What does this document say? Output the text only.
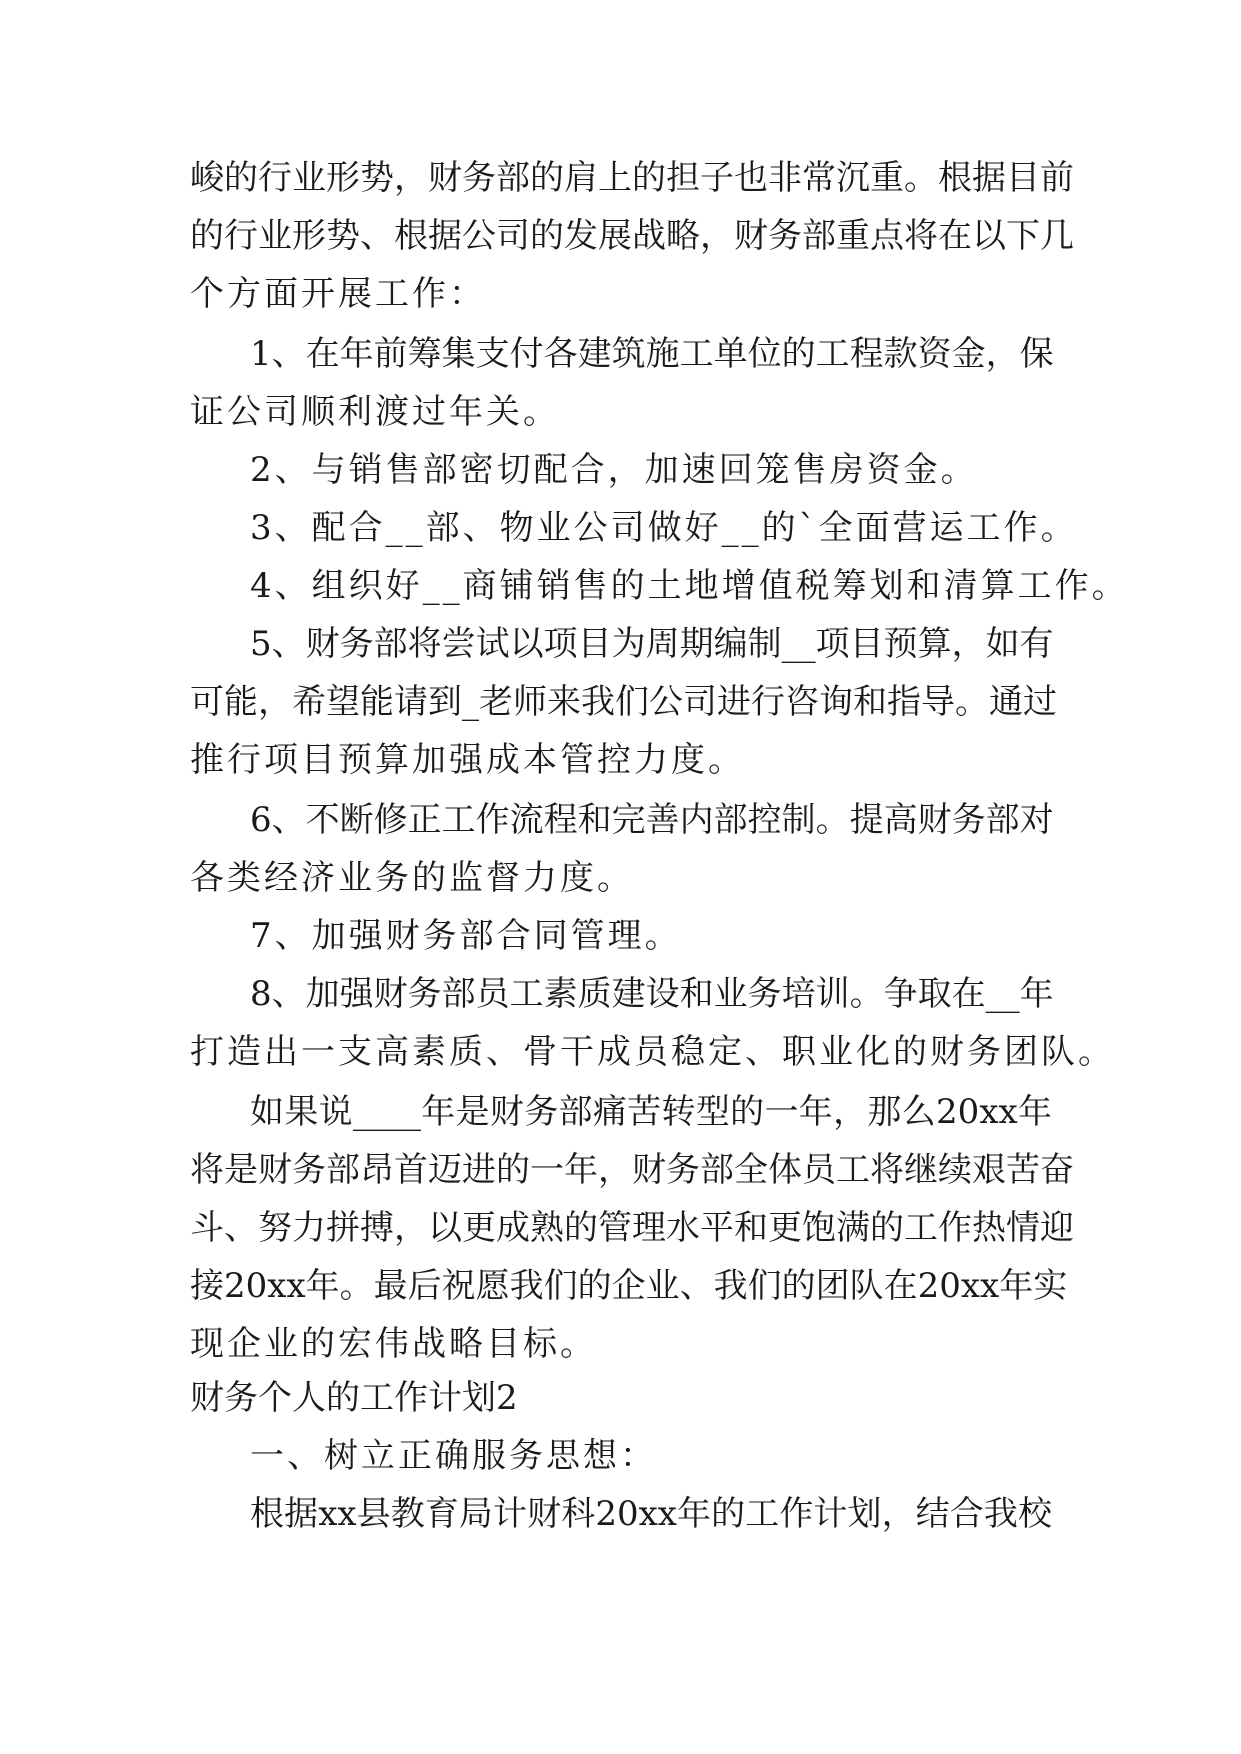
峻的行业形势，财务部的肩上的担子也非常沉重。根据目前
的行业形势、根据公司的发展战略，财务部重点将在以下几
个方面开展工作：
1、在年前筹集支付各建筑施工单位的工程款资金，保
证公司顺利渡过年关。
2、与销售部密切配合，加速回笼售房资金。
3、配合__部、物业公司做好__的`全面营运工作。
4、组织好__商铺销售的土地增值税筹划和清算工作。
5、财务部将尝试以项目为周期编制__项目预算，如有
可能，希望能请到_老师来我们公司进行咨询和指导。通过
推行项目预算加强成本管控力度。
6、不断修正工作流程和完善内部控制。提高财务部对
各类经济业务的监督力度。
7、加强财务部合同管理。
8、加强财务部员工素质建设和业务培训。争取在__年
打造出一支高素质、骨干成员稳定、职业化的财务团队。
如果说____年是财务部痛苦转型的一年，那么20xx年
将是财务部昂首迈进的一年，财务部全体员工将继续艰苦奋
斗、努力拼搏，以更成熟的管理水平和更饱满的工作热情迎
接20xx年。最后祝愿我们的企业、我们的团队在20xx年实
现企业的宏伟战略目标。
财务个人的工作计划2
一、树立正确服务思想：
根据xx县教育局计财科20xx年的工作计划，结合我校
